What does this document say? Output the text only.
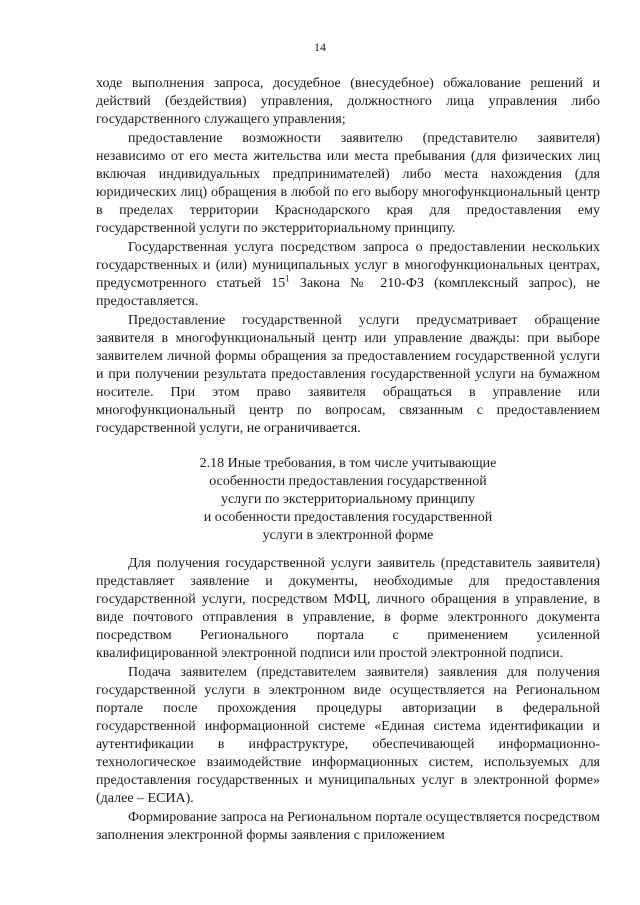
14

ходе выполнения запроса, досудебное (внесудебное) обжалование решений и действий (бездействия) управления, должностного лица управления либо государственного служащего управления;

предоставление возможности заявителю (представителю заявителя) независимо от его места жительства или места пребывания (для физических лиц включая индивидуальных предпринимателей) либо места нахождения (для юридических лиц) обращения в любой по его выбору многофункциональный центр в пределах территории Краснодарского края для предоставления ему государственной услуги по экстерриториальному принципу.

Государственная услуга посредством запроса о предоставлении нескольких государственных и (или) муниципальных услуг в многофункциональных центрах, предусмотренного статьей $15^1$ Закона № 210-ФЗ (комплексный запрос), не предоставляется.

Предоставление государственной услуги предусматривает обращение заявителя в многофункциональный центр или управление дважды: при выборе заявителем личной формы обращения за предоставлением государственной услуги и при получении результата предоставления государственной услуги на бумажном носителе. При этом право заявителя обращаться в управление или многофункциональный центр по вопросам, связанным с предоставлением государственной услуги, не ограничивается.

2.18 Иные требования, в том числе учитывающие
особенности предоставления государственной
услуги по экстерриториальному принципу
и особенности предоставления государственной
услуги в электронной форме

Для получения государственной услуги заявитель (представитель заявителя) представляет заявление и документы, необходимые для предоставления государственной услуги, посредством МФЦ, личного обращения в управление, в виде почтового отправления в управление, в форме электронного документа посредством Регионального портала с применением усиленной квалифицированной электронной подписи или простой электронной подписи.

Подача заявителем (представителем заявителя) заявления для получения государственной услуги в электронном виде осуществляется на Региональном портале после прохождения процедуры авторизации в федеральной государственной информационной системе «Единая система идентификации и аутентификации в инфраструктуре, обеспечивающей информационно-технологическое взаимодействие информационных систем, используемых для предоставления государственных и муниципальных услуг в электронной форме» (далее – ЕСИА).

Формирование запроса на Региональном портале осуществляется посредством заполнения электронной формы заявления с приложением
